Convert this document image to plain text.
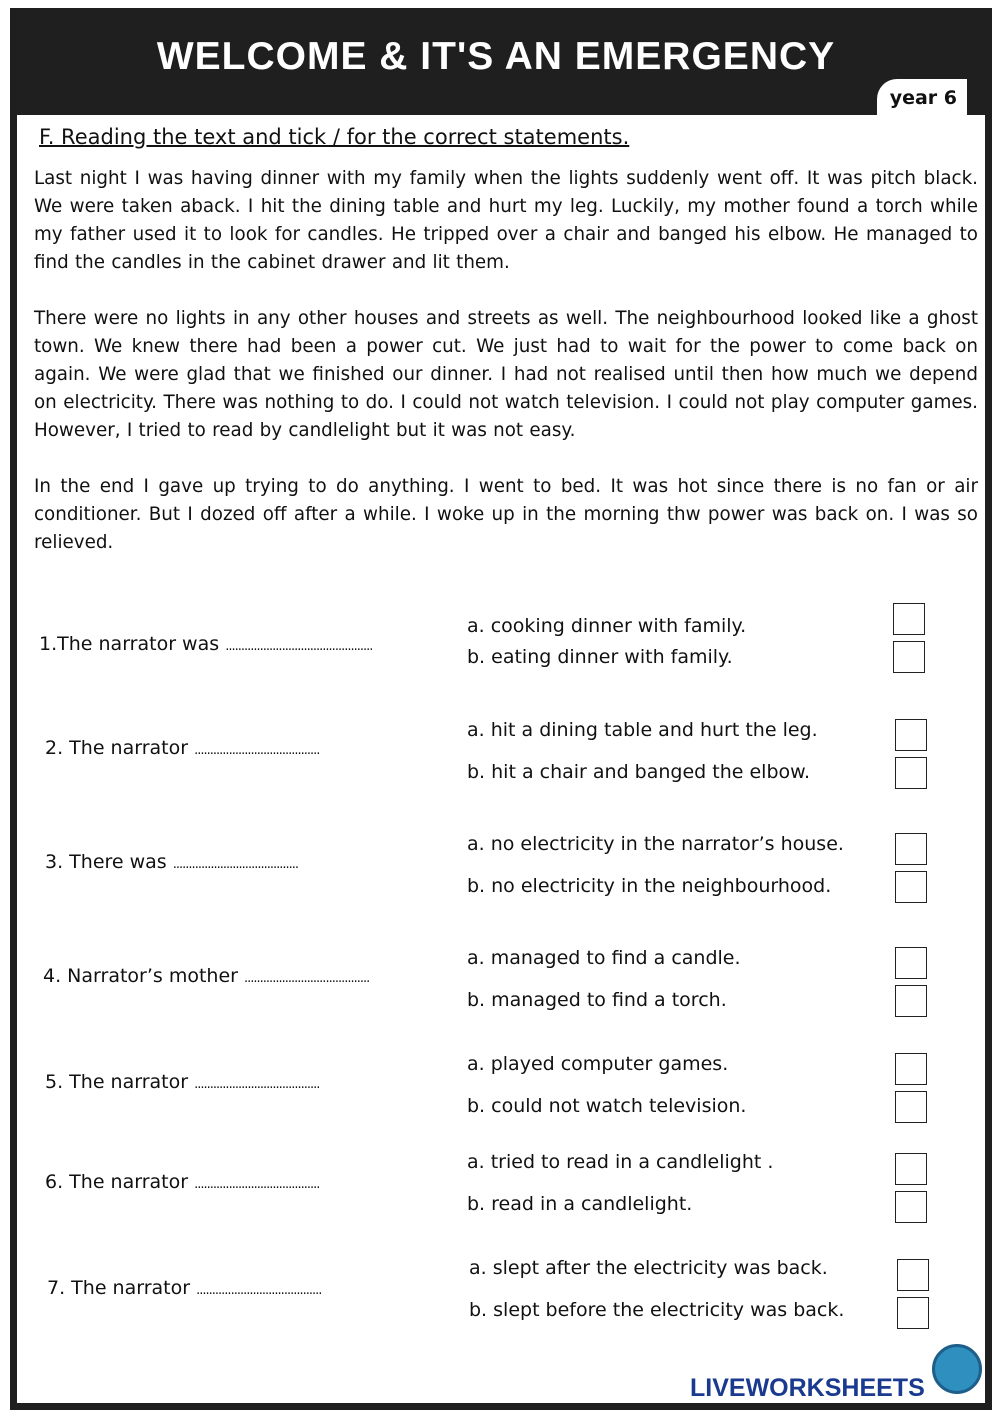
WELCOME & IT'S AN EMERGENCY
year 6
F. Reading the text and tick / for the correct statements.

Last night I was having dinner with my family when the lights suddenly went off. It was pitch black. We were taken aback. I hit the dining table and hurt my leg. Luckily, my mother found a torch while my father used it to look for candles. He tripped over a chair and banged his elbow. He managed to find the candles in the cabinet drawer and lit them.

There were no lights in any other houses and streets as well. The neighbourhood looked like a ghost town. We knew there had been a power cut. We just had to wait for the power to come back on again. We were glad that we finished our dinner. I had not realised until then how much we depend on electricity. There was nothing to do. I could not watch television. I could not play computer games. However, I tried to read by candlelight but it was not easy.

In the end I gave up trying to do anything. I went to bed. It was hot since there is no fan or air conditioner. But I dozed off after a while. I woke up in the morning thw power was back on. I was so relieved.

1.The narrator was ...............................................
a. cooking dinner with family.
b. eating dinner with family.
2. The narrator ........................................
a. hit a dining table and hurt the leg.
b. hit a chair and banged the elbow.
3. There was ........................................
a. no electricity in the narrator’s house.
b. no electricity in the neighbourhood.
4. Narrator’s mother ........................................
a. managed to find a candle.
b. managed to find a torch.
5. The narrator ........................................
a. played computer games.
b. could not watch television.
6. The narrator ........................................
a. tried to read in a candlelight .
b. read in a candlelight.
7. The narrator ........................................
a. slept after the electricity was back.
b. slept before the electricity was back.
LIVEWORKSHEETS
